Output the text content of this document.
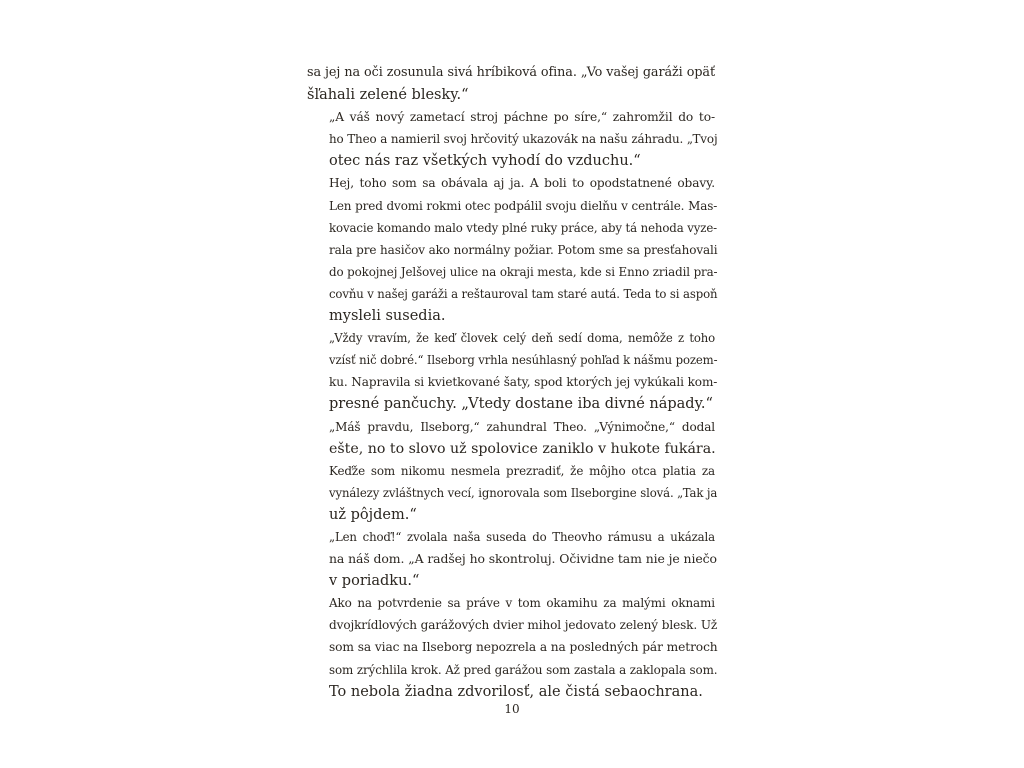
sa jej na oči zosunula sivá hríbiková ofina. „Vo vašej garáži opäť
šľahali zelené blesky.“

„A váš nový zametací stroj páchne po síre,“ zahromžil do to-
ho Theo a namieril svoj hrčovitý ukazovák na našu záhradu. „Tvoj
otec nás raz všetkých vyhodí do vzduchu.“

Hej, toho som sa obávala aj ja. A boli to opodstatnené obavy.
Len pred dvomi rokmi otec podpálil svoju dielňu v centrále. Mas-
kovacie komando malo vtedy plné ruky práce, aby tá nehoda vyze-
rala pre hasičov ako normálny požiar. Potom sme sa presťahovali
do pokojnej Jelšovej ulice na okraji mesta, kde si Enno zriadil pra-
covňu v našej garáži a reštauroval tam staré autá. Teda to si aspoň
mysleli susedia.

„Vždy vravím, že keď človek celý deň sedí doma, nemôže z toho
vzísť nič dobré.“ Ilseborg vrhla nesúhlasný pohľad k nášmu pozem-
ku. Napravila si kvietkované šaty, spod ktorých jej vykúkali kom-
presné pančuchy. „Vtedy dostane iba divné nápady.“

„Máš pravdu, Ilseborg,“ zahundral Theo. „Výnimočne,“ dodal
ešte, no to slovo už spolovice zaniklo v hukote fukára.

Keďže som nikomu nesmela prezradiť, že môjho otca platia za
vynálezy zvláštnych vecí, ignorovala som Ilseborgine slová. „Tak ja
už pôjdem.“

„Len choď!“ zvolala naša suseda do Theovho rámusu a ukázala
na náš dom. „A radšej ho skontroluj. Očividne tam nie je niečo
v poriadku.“

Ako na potvrdenie sa práve v tom okamihu za malými oknami
dvojkrídlových garážových dvier mihol jedovato zelený blesk. Už
som sa viac na Ilseborg nepozrela a na posledných pár metroch
som zrýchlila krok. Až pred garážou som zastala a zaklopala som.
To nebola žiadna zdvorilosť, ale čistá sebaochrana.

10
